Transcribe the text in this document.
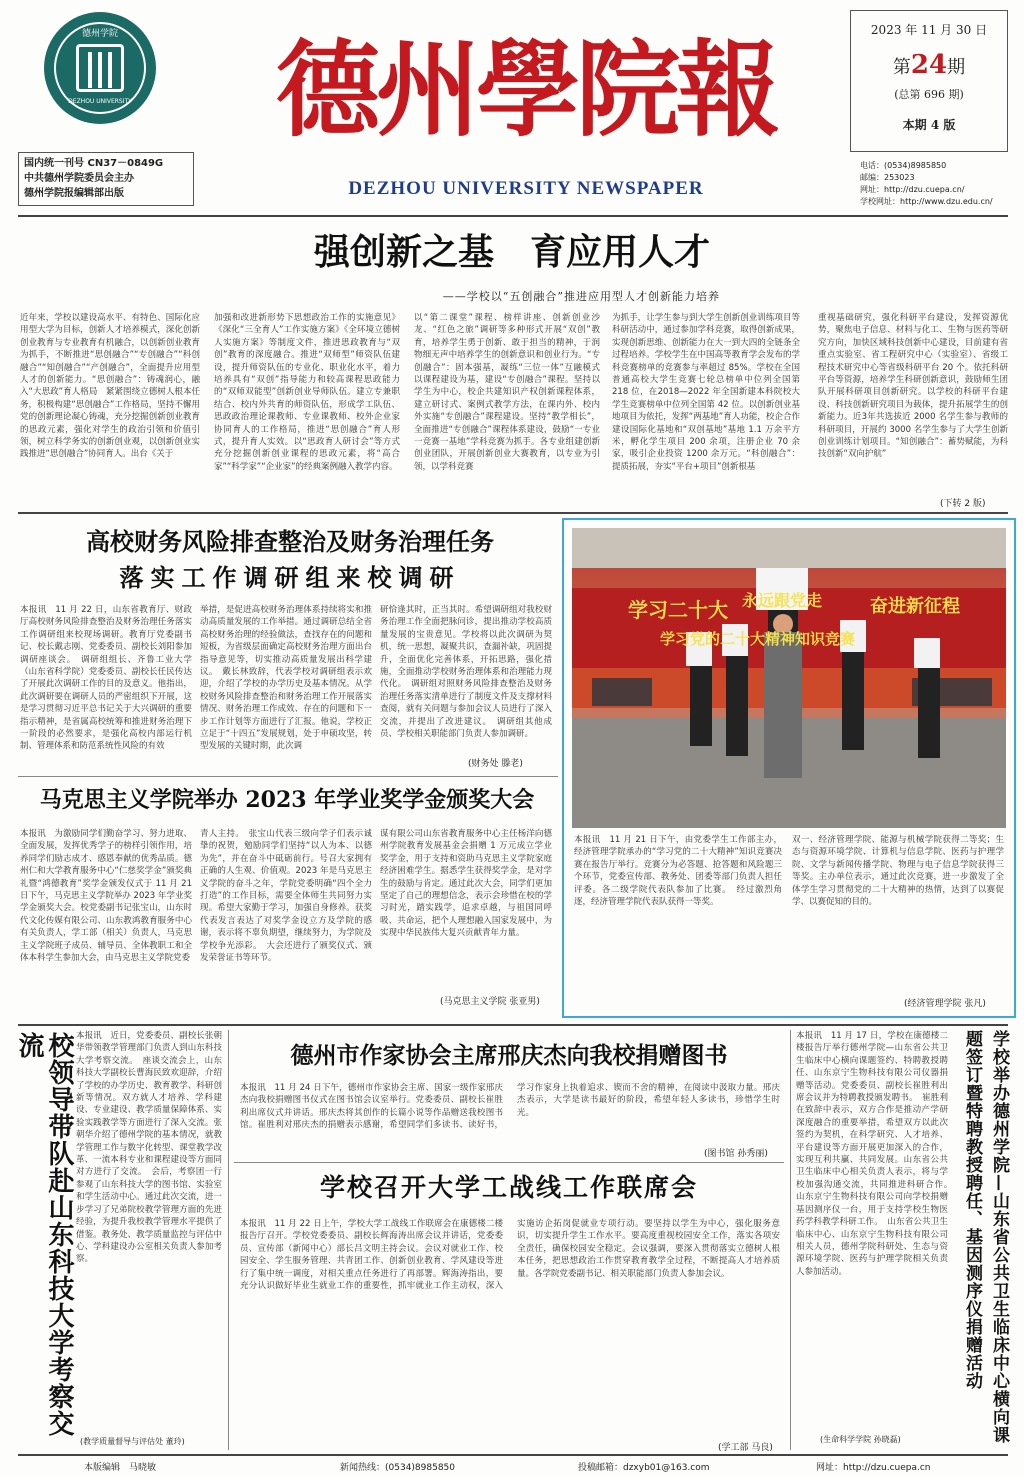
德州学院
DEZHOU UNIVERSITY
国内统一刊号 CN37－0849G
中共德州学院委员会主办
德州学院报编辑部出版
德州學院報
DEZHOU UNIVERSITY NEWSPAPER
2023 年 11 月 30 日
第24期
(总第 696 期)
本期 4 版
电话：(0534)8985850
邮编：253023
网址：http://dzu.cuepa.cn/
学校网址：http://www.dzu.edu.cn/
强创新之基　育应用人才
——学校以“五创融合”推进应用型人才创新能力培养
近年来，学校以建设高水平、有特色、国际化应用型大学为目标，创新人才培养模式，深化创新创业教育与专业教育有机融合，以创新创业教育为抓手，不断推进“思创融合”“专创融合”“科创融合”“知创融合”“产创融合”，全面提升应用型人才的创新能力。“思创融合”：铸魂润心，融入“大思政”育人格局　紧紧围绕立德树人根本任务，积极构建“思创融合”工作格局，坚持不懈用党的创新理论凝心铸魂，充分挖掘创新创业教育的思政元素，强化对学生的政治引领和价值引领，树立科学务实的创新创业观，以创新创业实践推进“思创融合”协同育人。出台《关于
加强和改进新形势下思想政治工作的实施意见》《深化“三全育人”工作实施方案》《全环境立德树人实施方案》等制度文件，推进思政教育与“双创”教育的深度融合。推进“双师型”师资队伍建设，提升师资队伍的专业化、职业化水平，着力培养具有“双创”指导能力和较高课程思政能力的“双师双能型”创新创业导师队伍。建立专兼职结合、校内外共育的师资队伍，形成学工队伍、思政政治理论课教师、专业课教师、校外企业家协同育人的工作格局，推进“思创融合”育人形式，提升育人实效。以“思政育人研讨会”等方式充分挖掘创新创业课程的思政元素，将“高合家”“科学家”“企业家”的经典案例融入教学内容。
以“第二课堂”课程、榜样讲座、创新创业沙龙、“红色之旅”调研等多种形式开展“双创”教育，培养学生勇于创新、敢于担当的精神，于润物细无声中培养学生的创新意识和创业行为。“专创融合”：固本强基，凝练“三位一体”互融模式　以课程建设为基，建设“专创融合”课程。坚持以学生为中心，校企共建知识产权创新课程体系，建立研讨式、案例式教学方法，在课内外、校内外实施“专创融合”课程建设。坚持“教学相长”，全面推进“专创融合”课程体系建设，鼓励“一专业一竞赛一基地”学科竞赛为抓手。各专业组建创新创业团队，开展创新创业大赛教育，以专业为引领，以学科竞赛
为抓手，让学生参与到大学生创新创业训练项目等科研活动中，通过参加学科竞赛，取得创新成果，实现创新思维、创新能力在大一到大四的全链条全过程培养。学校学生在中国高等教育学会发布的学科竞赛榜单的竞赛参与率超过 85%。学校在全国普通高校大学生竞赛七轮总榜单中位列全国第 218 位，在2018—2022 年全国新建本科院校大学生竞赛榜单中位列全国第 42 位。以创新创业基地项目为依托，发挥“两基地”育人功能，校企合作建设国际化基地和“双创基地”基地 1.1 万余平方米，孵化学生项目 200 余项，注册企业 70 余家，吸引企业投资 1200 余万元。“科创融合”：提质拓展，夯实“平台+项目”创新根基
重视基础研究，强化科研平台建设，发挥资源优势，聚焦电子信息、材料与化工、生物与医药等研究方向，加快区域科技创新中心建设，目前建有省重点实验室、省工程研究中心（实验室）、省级工程技术研究中心等省级科研平台 20 个。依托科研平台等资源，培养学生科研创新意识，鼓励师生团队开展科研项目创新研究。以学校的科研平台建设、科技创新研究项目为载体，提升拓展学生的创新能力。近3年共选拔近 2000 名学生参与教师的科研项目，开展约 3000 名学生参与了大学生创新创业训练计划项目。“知创融合”：蓄势赋能，为科技创新“双向护航”
(下转 2 版)
高校财务风险排查整治及财务治理任务
落实工作调研组来校调研
本报讯　11 月 22 日，山东省教育厅、财政厅高校财务风险排查整治及财务治理任务落实工作调研组来校现场调研。教育厅党委副书记、校长戴志刚、党委委员、副校长刘阳参加调研座谈会。　调研组组长、齐鲁工业大学（山东省科学院）党委委员、副校长任民传达了开展此次调研工作的目的及意义。他指出，此次调研要在调研人员的严密组织下开展，这是学习贯彻习近平总书记关于大兴调研的重要指示精神，是省属高校统筹和推进财务治理下一阶段的必然要求，是强化高校内部运行机制、管理体系和防范系统性风险的有效
举措，是促进高校财务治理体系持续将实和推动高质量发展的工作举措。通过调研总结全省高校财务治理的经验做法，查找存在的问题和短板，为省级层面确定高校财务治理方面出台指导意见等，切实推动高质量发展出科学建议。　戴长林致辞，代表学校对调研组表示欢迎，介绍了学校的办学历史及基本情况。从学校财务风险排查整治和财务治理工作开展落实情况、财务治理工作成效、存在的问题和下一步工作计划等方面进行了汇报。他说，学校正立足于“十四五”发展规划，处于申硕攻坚，转型发展的关键时期，此次调
研恰逢其时，正当其时。希望调研组对我校财务治理工作全面把脉问诊，提出推动学校高质量发展的宝贵意见。学校将以此次调研为契机，统一思想，凝聚共识，查漏补缺，巩固提升，全面优化完善体系，开拓思路，强化措施，全面推动学校财务治理体系和治理能力现代化。　调研组对照财务风险排查整治及财务治理任务落实清单进行了制度文件及支撑材料查阅，就有关问题与参加会议人员进行了深入交流，并提出了改进建议。　调研组其他成员、学校相关职能部门负责人参加调研。
(财务处 滕老)
马克思主义学院举办 2023 年学业奖学金颁奖大会
本报讯　为激励同学们勤奋学习、努力进取、全面发展，发挥优秀学子的榜样引领作用，培养同学们励志成才、感恩奉献的优秀品质。德州仁和大学教育服务中心“仁慈奖学金”颁奖典礼暨“鸿德教育”奖学金颁发仪式于 11 月 21 日下午，马克思主义学院举办 2023 年学业奖学金颁奖大会。校党委副书记张宝山，山东时代文化传媒有限公司、山东教鸿教育服务中心有关负责人，学工部（相关）负责人，马克思主义学院班子成员、辅导员、全体教职工和全体本科学生参加大会，由马克思主义学院党委
青人主持。　张宝山代表三级向学子们表示诚挚的祝贺，勉励同学们坚持“以人为本、以德为先”，并在奋斗中砥砺前行。号召大家拥有正确的人生观、价值观。2023 年是马克思主义学院的奋斗之年，学院党委明确“四个全力打造”的工作目标，需要全体师生共同努力实现。希望大家勤于学习，加强自身修养。获奖代表发言表达了对奖学金设立方及学院的感谢，表示将不辜负期望，继续努力，为学院及学校争光添彩。　大会还进行了颁奖仪式、颁发荣誉证书等环节。
谋有限公司山东省教育服务中心主任杨洋向德州学院教育发展基金会捐赠 1 万元成立学业奖学金，用于支持和资助马克思主义学院家庭经济困难学生。据悉学生获得奖学金，是对学生的鼓励与肯定。通过此次大会，同学们更加坚定了自己的理想信念，表示会珍惜在校的学习时光，踏实践学，追求卓越，与祖国同呼吸、共命运，把个人理想融入国家发展中，为实现中华民族伟大复兴贡献青年力量。
(马克思主义学院 张亚男)
学习二十大 永远跟党走	奋进新征程
学习党的二十大精神知识竞赛
本报讯　11 月 21 日下午，由党委学生工作部主办，经济管理学院承办的“学习党的二十大精神”知识竞赛决赛在报告厅举行。竞赛分为必答题、抢答题和风险题三个环节，党委宣传部、教务处、团委等部门负责人担任评委。各二级学院代表队参加了比赛。　经过激烈角逐，经济管理学院代表队获得一等奖。
双一、经济管理学院、能源与机械学院获得二等奖；生态与资源环境学院、计算机与信息学院、医药与护理学院、文学与新闻传播学院、物理与电子信息学院获得三等奖。主办单位表示，通过此次竞赛，进一步激发了全体学生学习贯彻党的二十大精神的热情，达到了以赛促学、以赛促知的目的。
(经济管理学院 张凡)
校领导带队赴山东科技大学考察交流	本报讯　近日，党委委员、副校长张朝华带领教学管理部门负责人到山东科技大学考察交流。　座谈交流会上，山东科技大学副校长曹海民致欢迎辞，介绍了学校的办学历史、教育教学、科研创新等情况。双方就人才培养、学科建设、专业建设、教学质量保障体系、实验实践教学等方面进行了深入交流。张朝华介绍了德州学院的基本情况，就教学管理工作与数字化转型、课堂教学改革、一流本科专业和课程建设等方面同对方进行了交流。　会后，考察团一行参观了山东科技大学的图书馆、实验室和学生活动中心。通过此次交流，进一步学习了兄弟院校教学管理方面的先进经验，为提升我校教学管理水平提供了借鉴。教务处、教学质量监控与评估中心、学科建设办公室相关负责人参加考察。
(教学质量督导与评估处 董玲)
德州市作家协会主席邢庆杰向我校捐赠图书
本报讯　11 月 24 日下午，德州市作家协会主席、国家一级作家邢庆杰向我校捐赠图书仪式在图书馆会议室举行。党委委员、副校长崔胜利出席仪式并讲话。邢庆杰将其创作的长篇小说等作品赠送我校图书馆。崔胜利对邢庆杰的捐赠表示感谢，希望同学们多读书、读好书，学习作家身上执着追求、锲而不舍的精神，在阅读中汲取力量。邢庆杰表示，大学是读书最好的阶段，希望年轻人多读书，珍惜学生时光。
(图书馆 孙秀丽)
学校召开大学工战线工作联席会
本报讯　11 月 22 日上午，学校大学工战线工作联席会在康德楼二楼报告厅召开。学校党委委员、副校长辉海涛出席会议并讲话，党委委员、宣传部（新闻中心）部长吕文明主持会议。会议对就业工作、校园安全、学生服务管理、共青团工作、创新创业教育、学风建设等进行了集中统一调度，对相关重点任务进行了再部署。辉海涛指出，要充分认识做好毕业生就业工作的重要性，抓牢就业工作主动权，深入实施访企拓岗促就业专项行动。要坚持以学生为中心，强化服务意识，切实提升学生工作水平。要高度重视校园安全工作，落实各项安全责任，确保校园安全稳定。会议强调，要深入贯彻落实立德树人根本任务，把思想政治工作贯穿教育教学全过程，不断提高人才培养质量。各学院党委副书记、相关职能部门负责人参加会议。
(学工部 马良)
本报讯　11 月 17 日，学校在康德楼二楼报告厅举行德州学院—山东省公共卫生临床中心横向课题签约、特聘教授聘任、山东京宁生物科技有限公司仪器捐赠等活动。党委委员、副校长崔胜利出席会议并为特聘教授颁发聘书。　崔胜利在致辞中表示，双方合作是推动产学研深度融合的重要举措，希望双方以此次签约为契机，在科学研究、人才培养、平台建设等方面开展更加深入的合作，实现互利共赢、共同发展。山东省公共卫生临床中心相关负责人表示，将与学校加强沟通交流，共同推进科研合作。　山东京宁生物科技有限公司向学校捐赠基因测序仪一台，用于支持学校生物医药学科教学科研工作。　山东省公共卫生临床中心、山东京宁生物科技有限公司相关人员，德州学院科研处、生态与资源环境学院、医药与护理学院相关负责人参加活动。
(生命科学学院 孙晓磊)	学校举办德州学院—山东省公共卫生临床中心横向课题签订暨特聘教授聘任、基因测序仪捐赠活动
本版编辑　马晓敏	新闻热线：(0534)8985850	投稿邮箱：dzxyb01@163.com	网址：http://dzu.cuepa.cn
